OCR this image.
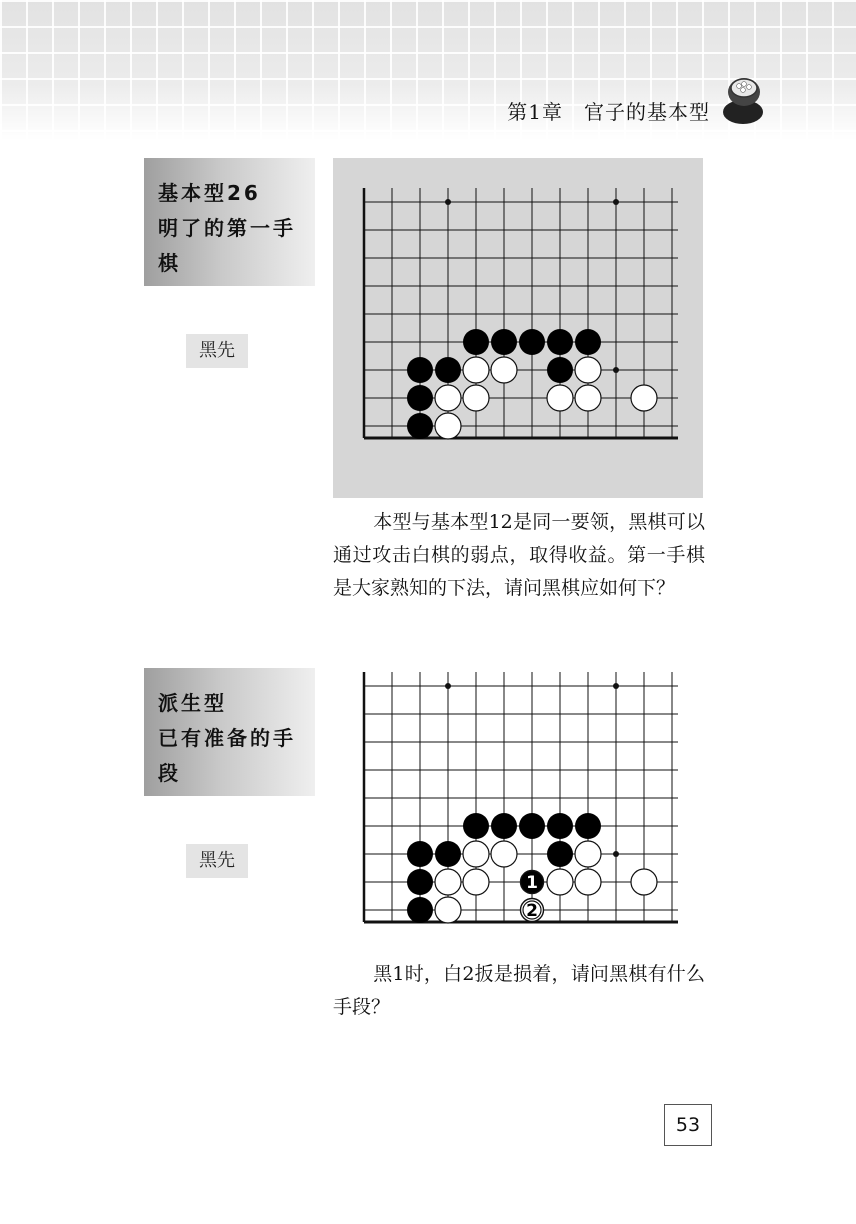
第1章　官子的基本型
基本型26
明了的第一手
棋
黑先
本型与基本型12是同一要领，黑棋可以通过攻击白棋的弱点，取得收益。第一手棋是大家熟知的下法，请问黑棋应如何下？
派生型
已有准备的手
段
黑先
1
2
黑1时，白2扳是损着，请问黑棋有什么手段？
53
